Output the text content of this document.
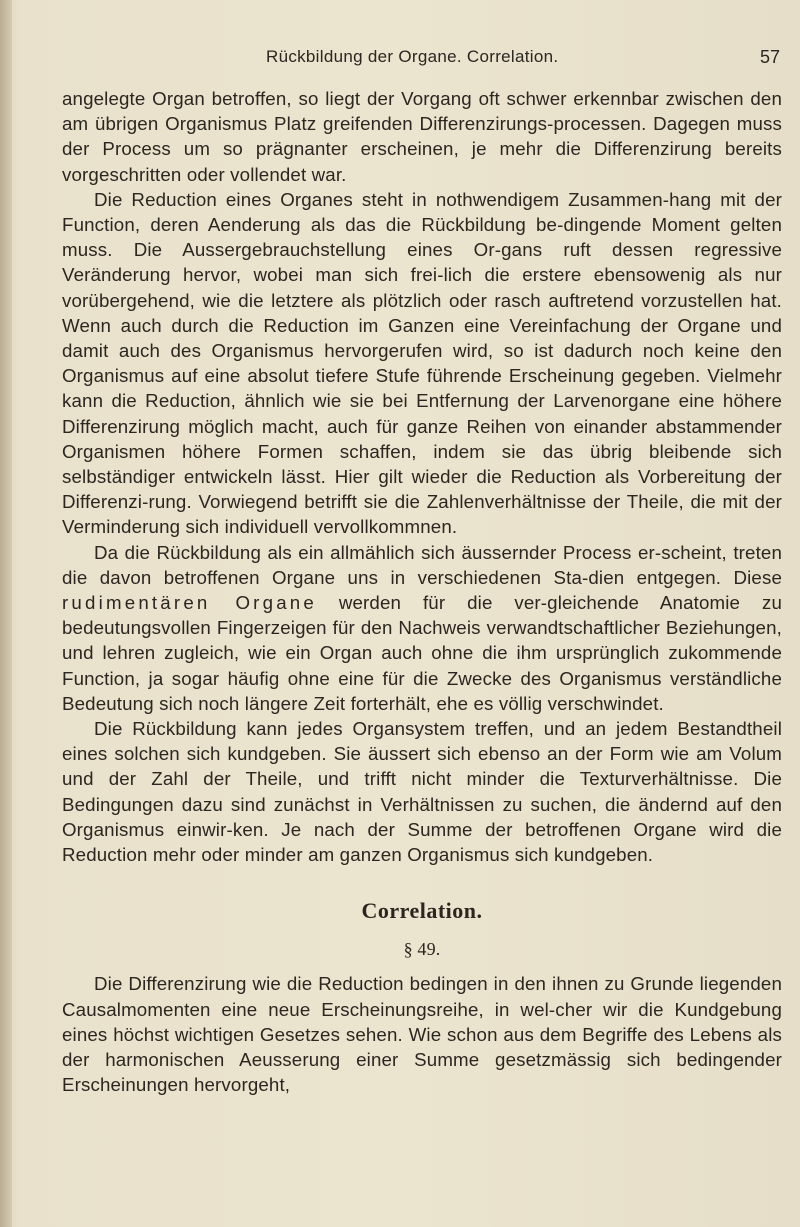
Rückbildung der Organe. Correlation.	57

angelegte Organ betroffen, so liegt der Vorgang oft schwer erkennbar zwischen den am übrigen Organismus Platz greifenden Differenzirungs-processen. Dagegen muss der Process um so prägnanter erscheinen, je mehr die Differenzirung bereits vorgeschritten oder vollendet war.

Die Reduction eines Organes steht in nothwendigem Zusammen-hang mit der Function, deren Aenderung als das die Rückbildung be-dingende Moment gelten muss. Die Aussergebrauchstellung eines Or-gans ruft dessen regressive Veränderung hervor, wobei man sich frei-lich die erstere ebensowenig als nur vorübergehend, wie die letztere als plötzlich oder rasch auftretend vorzustellen hat. Wenn auch durch die Reduction im Ganzen eine Vereinfachung der Organe und damit auch des Organismus hervorgerufen wird, so ist dadurch noch keine den Organismus auf eine absolut tiefere Stufe führende Erscheinung gegeben. Vielmehr kann die Reduction, ähnlich wie sie bei Entfernung der Larvenorgane eine höhere Differenzirung möglich macht, auch für ganze Reihen von einander abstammender Organismen höhere Formen schaffen, indem sie das übrig bleibende sich selbständiger entwickeln lässt. Hier gilt wieder die Reduction als Vorbereitung der Differenzi-rung. Vorwiegend betrifft sie die Zahlenverhältnisse der Theile, die mit der Verminderung sich individuell vervollkommnen.

Da die Rückbildung als ein allmählich sich äussernder Process er-scheint, treten die davon betroffenen Organe uns in verschiedenen Sta-dien entgegen. Diese rudimentären Organe werden für die ver-gleichende Anatomie zu bedeutungsvollen Fingerzeigen für den Nachweis verwandtschaftlicher Beziehungen, und lehren zugleich, wie ein Organ auch ohne die ihm ursprünglich zukommende Function, ja sogar häufig ohne eine für die Zwecke des Organismus verständliche Bedeutung sich noch längere Zeit forterhält, ehe es völlig verschwindet.

Die Rückbildung kann jedes Organsystem treffen, und an jedem Bestandtheil eines solchen sich kundgeben. Sie äussert sich ebenso an der Form wie am Volum und der Zahl der Theile, und trifft nicht minder die Texturverhältnisse. Die Bedingungen dazu sind zunächst in Verhältnissen zu suchen, die ändernd auf den Organismus einwir-ken. Je nach der Summe der betroffenen Organe wird die Reduction mehr oder minder am ganzen Organismus sich kundgeben.

Correlation.
§ 49.

Die Differenzirung wie die Reduction bedingen in den ihnen zu Grunde liegenden Causalmomenten eine neue Erscheinungsreihe, in wel-cher wir die Kundgebung eines höchst wichtigen Gesetzes sehen. Wie schon aus dem Begriffe des Lebens als der harmonischen Aeusserung einer Summe gesetzmässig sich bedingender Erscheinungen hervorgeht,
